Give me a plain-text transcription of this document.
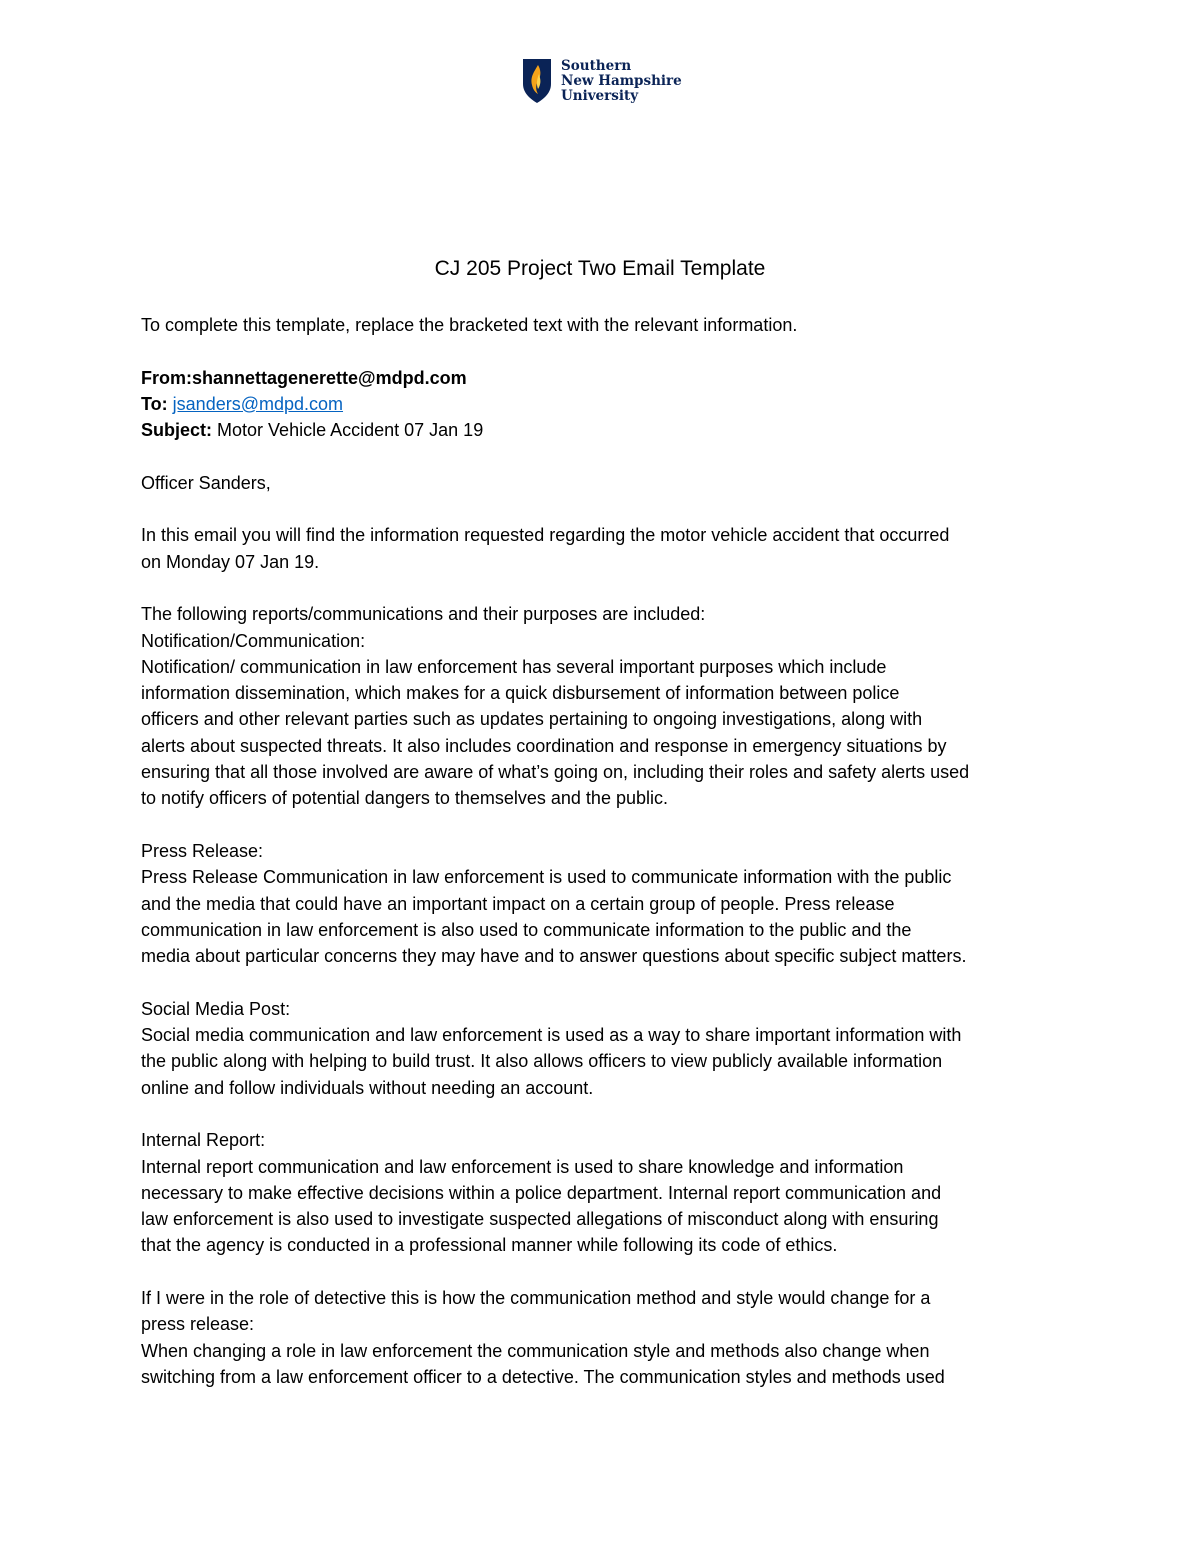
Southern
New Hampshire
University
CJ 205 Project Two Email Template

To complete this template, replace the bracketed text with the relevant information.

From:shannettagenerette@mdpd.com

To: jsanders@mdpd.com

Subject: Motor Vehicle Accident 07 Jan 19

Officer Sanders,

In this email you will find the information requested regarding the motor vehicle accident that occurred

on Monday 07 Jan 19.

The following reports/communications and their purposes are included:

Notification/Communication:

Notification/ communication in law enforcement has several important purposes which include

information dissemination, which makes for a quick disbursement of information between police

officers and other relevant parties such as updates pertaining to ongoing investigations, along with

alerts about suspected threats. It also includes coordination and response in emergency situations by

ensuring that all those involved are aware of what’s going on, including their roles and safety alerts used

to notify officers of potential dangers to themselves and the public.

Press Release:

Press Release Communication in law enforcement is used to communicate information with the public

and the media that could have an important impact on a certain group of people. Press release

communication in law enforcement is also used to communicate information to the public and the

media about particular concerns they may have and to answer questions about specific subject matters.

Social Media Post:

Social media communication and law enforcement is used as a way to share important information with

the public along with helping to build trust. It also allows officers to view publicly available information

online and follow individuals without needing an account.

Internal Report:

Internal report communication and law enforcement is used to share knowledge and information

necessary to make effective decisions within a police department. Internal report communication and

law enforcement is also used to investigate suspected allegations of misconduct along with ensuring

that the agency is conducted in a professional manner while following its code of ethics.

If I were in the role of detective this is how the communication method and style would change for a

press release:

When changing a role in law enforcement the communication style and methods also change when

switching from a law enforcement officer to a detective. The communication styles and methods used
